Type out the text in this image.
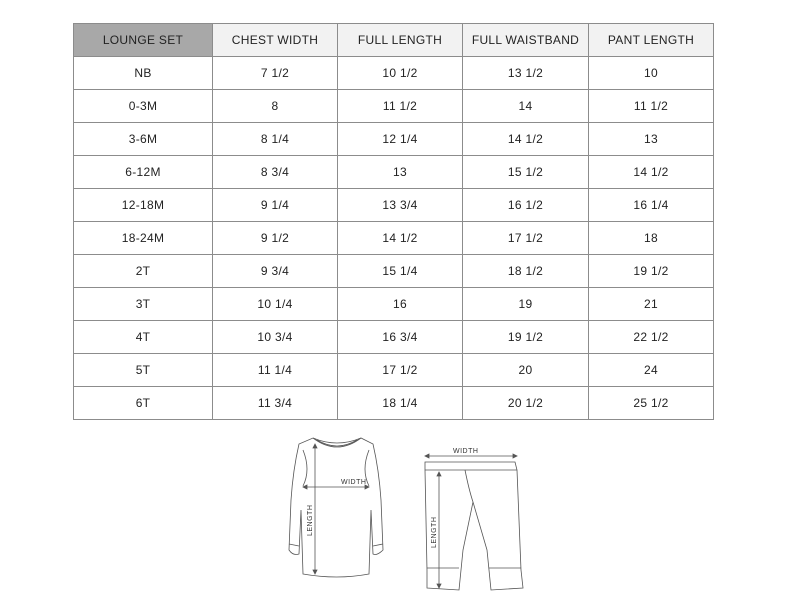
LOUNGE SET	CHEST WIDTH	FULL LENGTH	FULL WAISTBAND	PANT LENGTH
NB	7 1/2	10 1/2	13 1/2	10
0-3M	8	11 1/2	14	11 1/2
3-6M	8 1/4	12 1/4	14 1/2	13
6-12M	8 3/4	13	15 1/2	14 1/2
12-18M	9 1/4	13 3/4	16 1/2	16 1/4
18-24M	9 1/2	14 1/2	17 1/2	18
2T	9 3/4	15 1/4	18 1/2	19 1/2
3T	10 1/4	16	19	21
4T	10 3/4	16 3/4	19 1/2	22 1/2
5T	11 1/4	17 1/2	20	24
6T	11 3/4	18 1/4	20 1/2	25 1/2
WIDTH
LENGTH
WIDTH
LENGTH
